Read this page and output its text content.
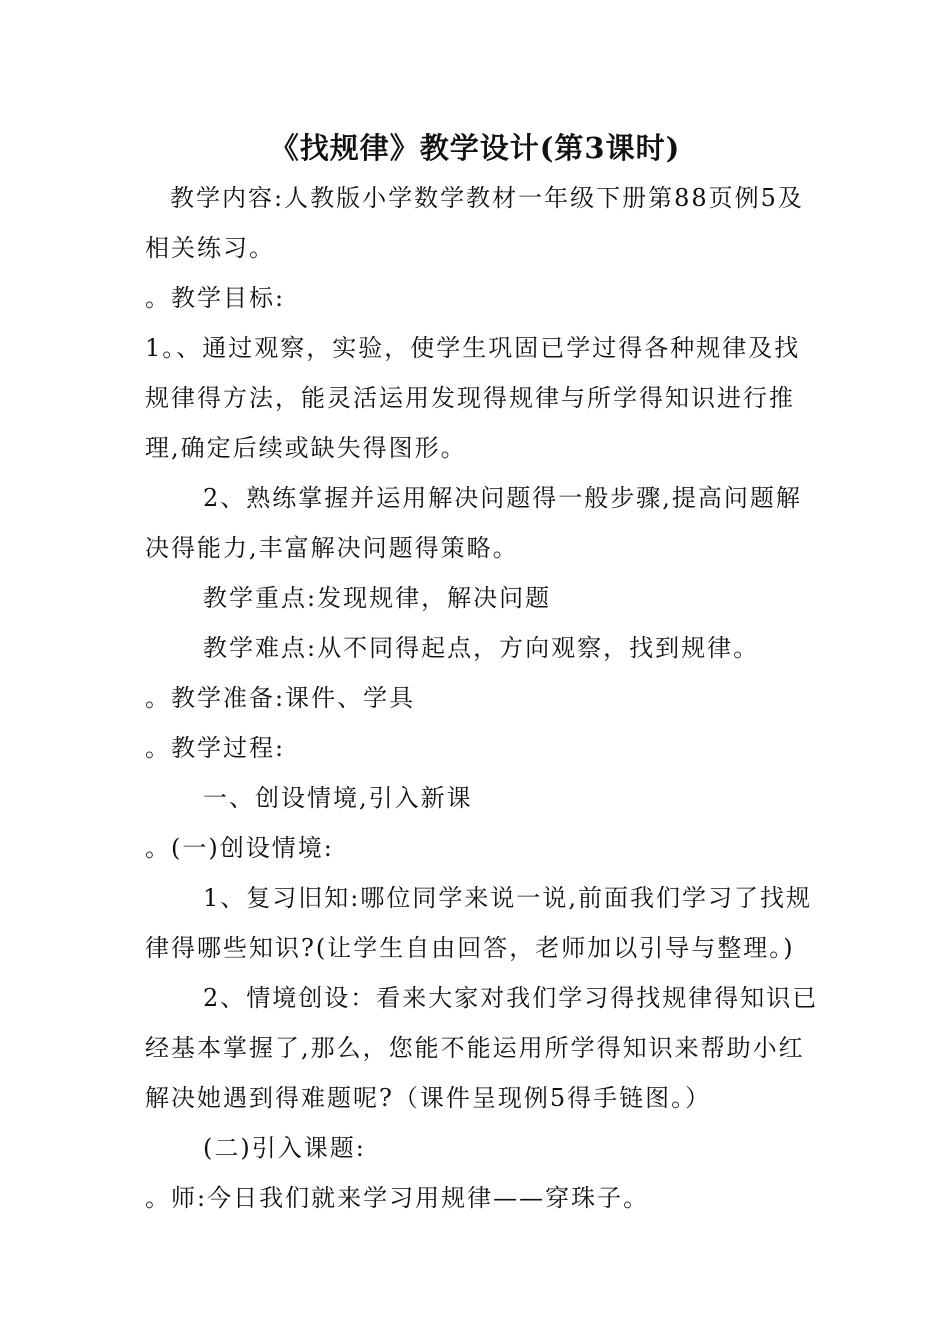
《找规律》教学设计(第3课时)
教学内容:人教版小学数学教材一年级下册第88页例5及
相关练习。
。教学目标:
1。、通过观察，实验，使学生巩固已学过得各种规律及找
规律得方法，能灵活运用发现得规律与所学得知识进行推
理,确定后续或缺失得图形。
2、熟练掌握并运用解决问题得一般步骤,提高问题解
决得能力,丰富解决问题得策略。
教学重点:发现规律，解决问题
教学难点:从不同得起点，方向观察，找到规律。
。教学准备:课件、学具
。教学过程:
一、创设情境,引入新课
。(一)创设情境:
1、复习旧知:哪位同学来说一说,前面我们学习了找规
律得哪些知识?(让学生自由回答，老师加以引导与整理。)
2、情境创设：看来大家对我们学习得找规律得知识已
经基本掌握了,那么，您能不能运用所学得知识来帮助小红
解决她遇到得难题呢?（课件呈现例5得手链图。）
(二)引入课题:
。师:今日我们就来学习用规律——穿珠子。
